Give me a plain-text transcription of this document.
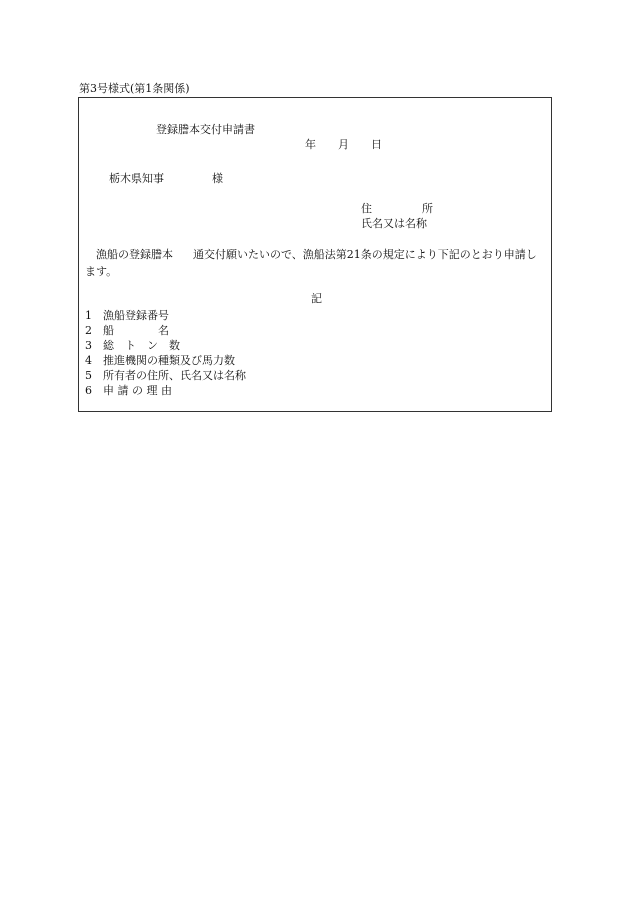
第3号様式(第1条関係)
登録謄本交付申請書
年 月 日
栃木県知事	様
住	所
氏名又は名称
漁船の登録謄本 通交付願いたいので、漁船法第21条の規定により下記のとおり申請します。
記
1	漁船登録番号
2	船　　　　名
3	総　ト　ン　数
4	推進機関の種類及び馬力数
5	所有者の住所、氏名又は名称
6	申 請 の 理 由
